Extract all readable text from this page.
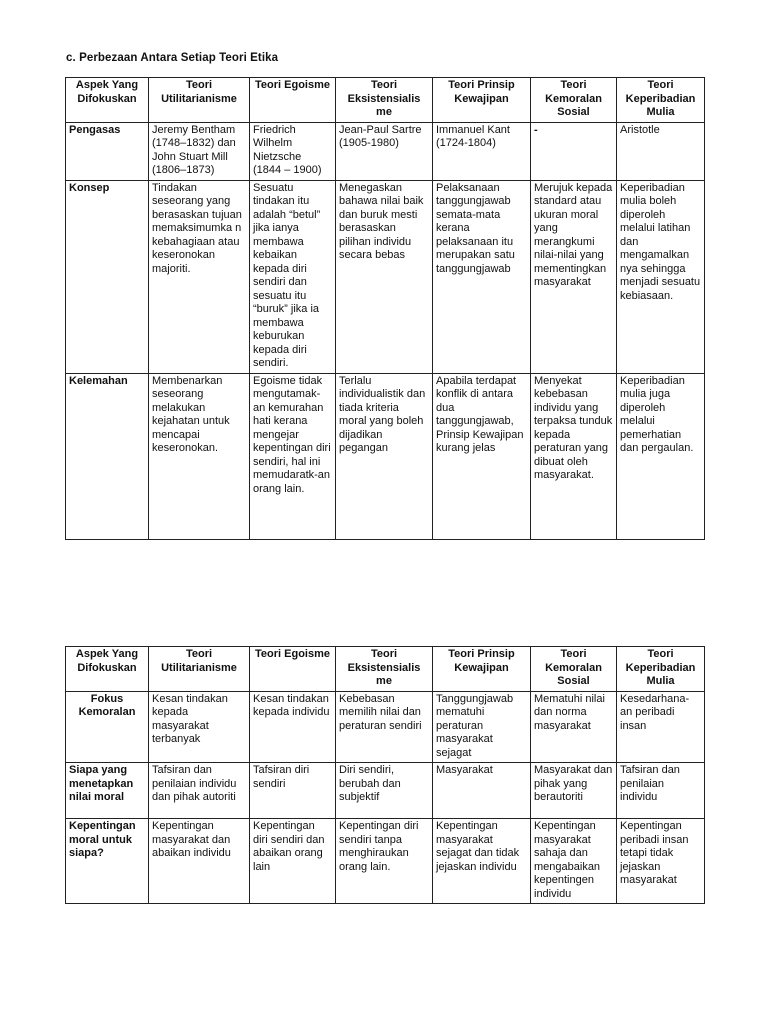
c. Perbezaan Antara Setiap Teori Etika
Aspek Yang Difokuskan	Teori Utilitarianisme	Teori Egoisme	Teori Eksistensialis me	Teori Prinsip Kewajipan	Teori Kemoralan Sosial	Teori Keperibadian Mulia
Pengasas	Jeremy Bentham (1748–1832) dan John Stuart Mill (1806–1873)	Friedrich Wilhelm Nietzsche (1844 – 1900)	Jean-Paul Sartre (1905-1980)	Immanuel Kant (1724-1804)	-	Aristotle
Konsep	Tindakan seseorang yang berasaskan tujuan memaksimumka n kebahagiaan atau keseronokan majoriti.	Sesuatu tindakan itu adalah “betul” jika ianya membawa kebaikan kepada diri sendiri dan sesuatu itu “buruk” jika ia membawa keburukan kepada diri sendiri.	Menegaskan bahawa nilai baik dan buruk mesti berasaskan pilihan individu secara bebas	Pelaksanaan tanggungjawab semata-mata kerana pelaksanaan itu merupakan satu tanggungjawab	Merujuk kepada standard atau ukuran moral yang merangkumi nilai-nilai yang mementingkan masyarakat	Keperibadian mulia boleh diperoleh melalui latihan dan mengamalkan nya sehingga menjadi sesuatu kebiasaan.
Kelemahan	Membenarkan seseorang melakukan kejahatan untuk mencapai keseronokan.	Egoisme tidak mengutamak-an kemurahan hati kerana mengejar kepentingan diri sendiri, hal ini memudaratk-an orang lain.	Terlalu individualistik dan tiada kriteria moral yang boleh dijadikan pegangan	Apabila terdapat konflik di antara dua tanggungjawab, Prinsip Kewajipan kurang jelas	Menyekat kebebasan individu yang terpaksa tunduk kepada peraturan yang dibuat oleh masyarakat.	Keperibadian mulia juga diperoleh melalui pemerhatian dan pergaulan.
Aspek Yang Difokuskan	Teori Utilitarianisme	Teori Egoisme	Teori Eksistensialis me	Teori Prinsip Kewajipan	Teori Kemoralan Sosial	Teori Keperibadian Mulia
Fokus Kemoralan	Kesan tindakan kepada masyarakat terbanyak	Kesan tindakan kepada individu	Kebebasan memilih nilai dan peraturan sendiri	Tanggungjawab mematuhi peraturan masyarakat sejagat	Mematuhi nilai dan norma masyarakat	Kesedarhana-an peribadi insan
Siapa yang menetapkan nilai moral	Tafsiran dan penilaian individu dan pihak autoriti	Tafsiran diri sendiri	Diri sendiri, berubah dan subjektif	Masyarakat	Masyarakat dan pihak yang berautoriti	Tafsiran dan penilaian individu
Kepentingan moral untuk siapa?	Kepentingan masyarakat dan abaikan individu	Kepentingan diri sendiri dan abaikan orang lain	Kepentingan diri sendiri tanpa menghiraukan orang lain.	Kepentingan masyarakat sejagat dan tidak jejaskan individu	Kepentingan masyarakat sahaja dan mengabaikan kepentingen individu	Kepentingan peribadi insan tetapi tidak jejaskan masyarakat
